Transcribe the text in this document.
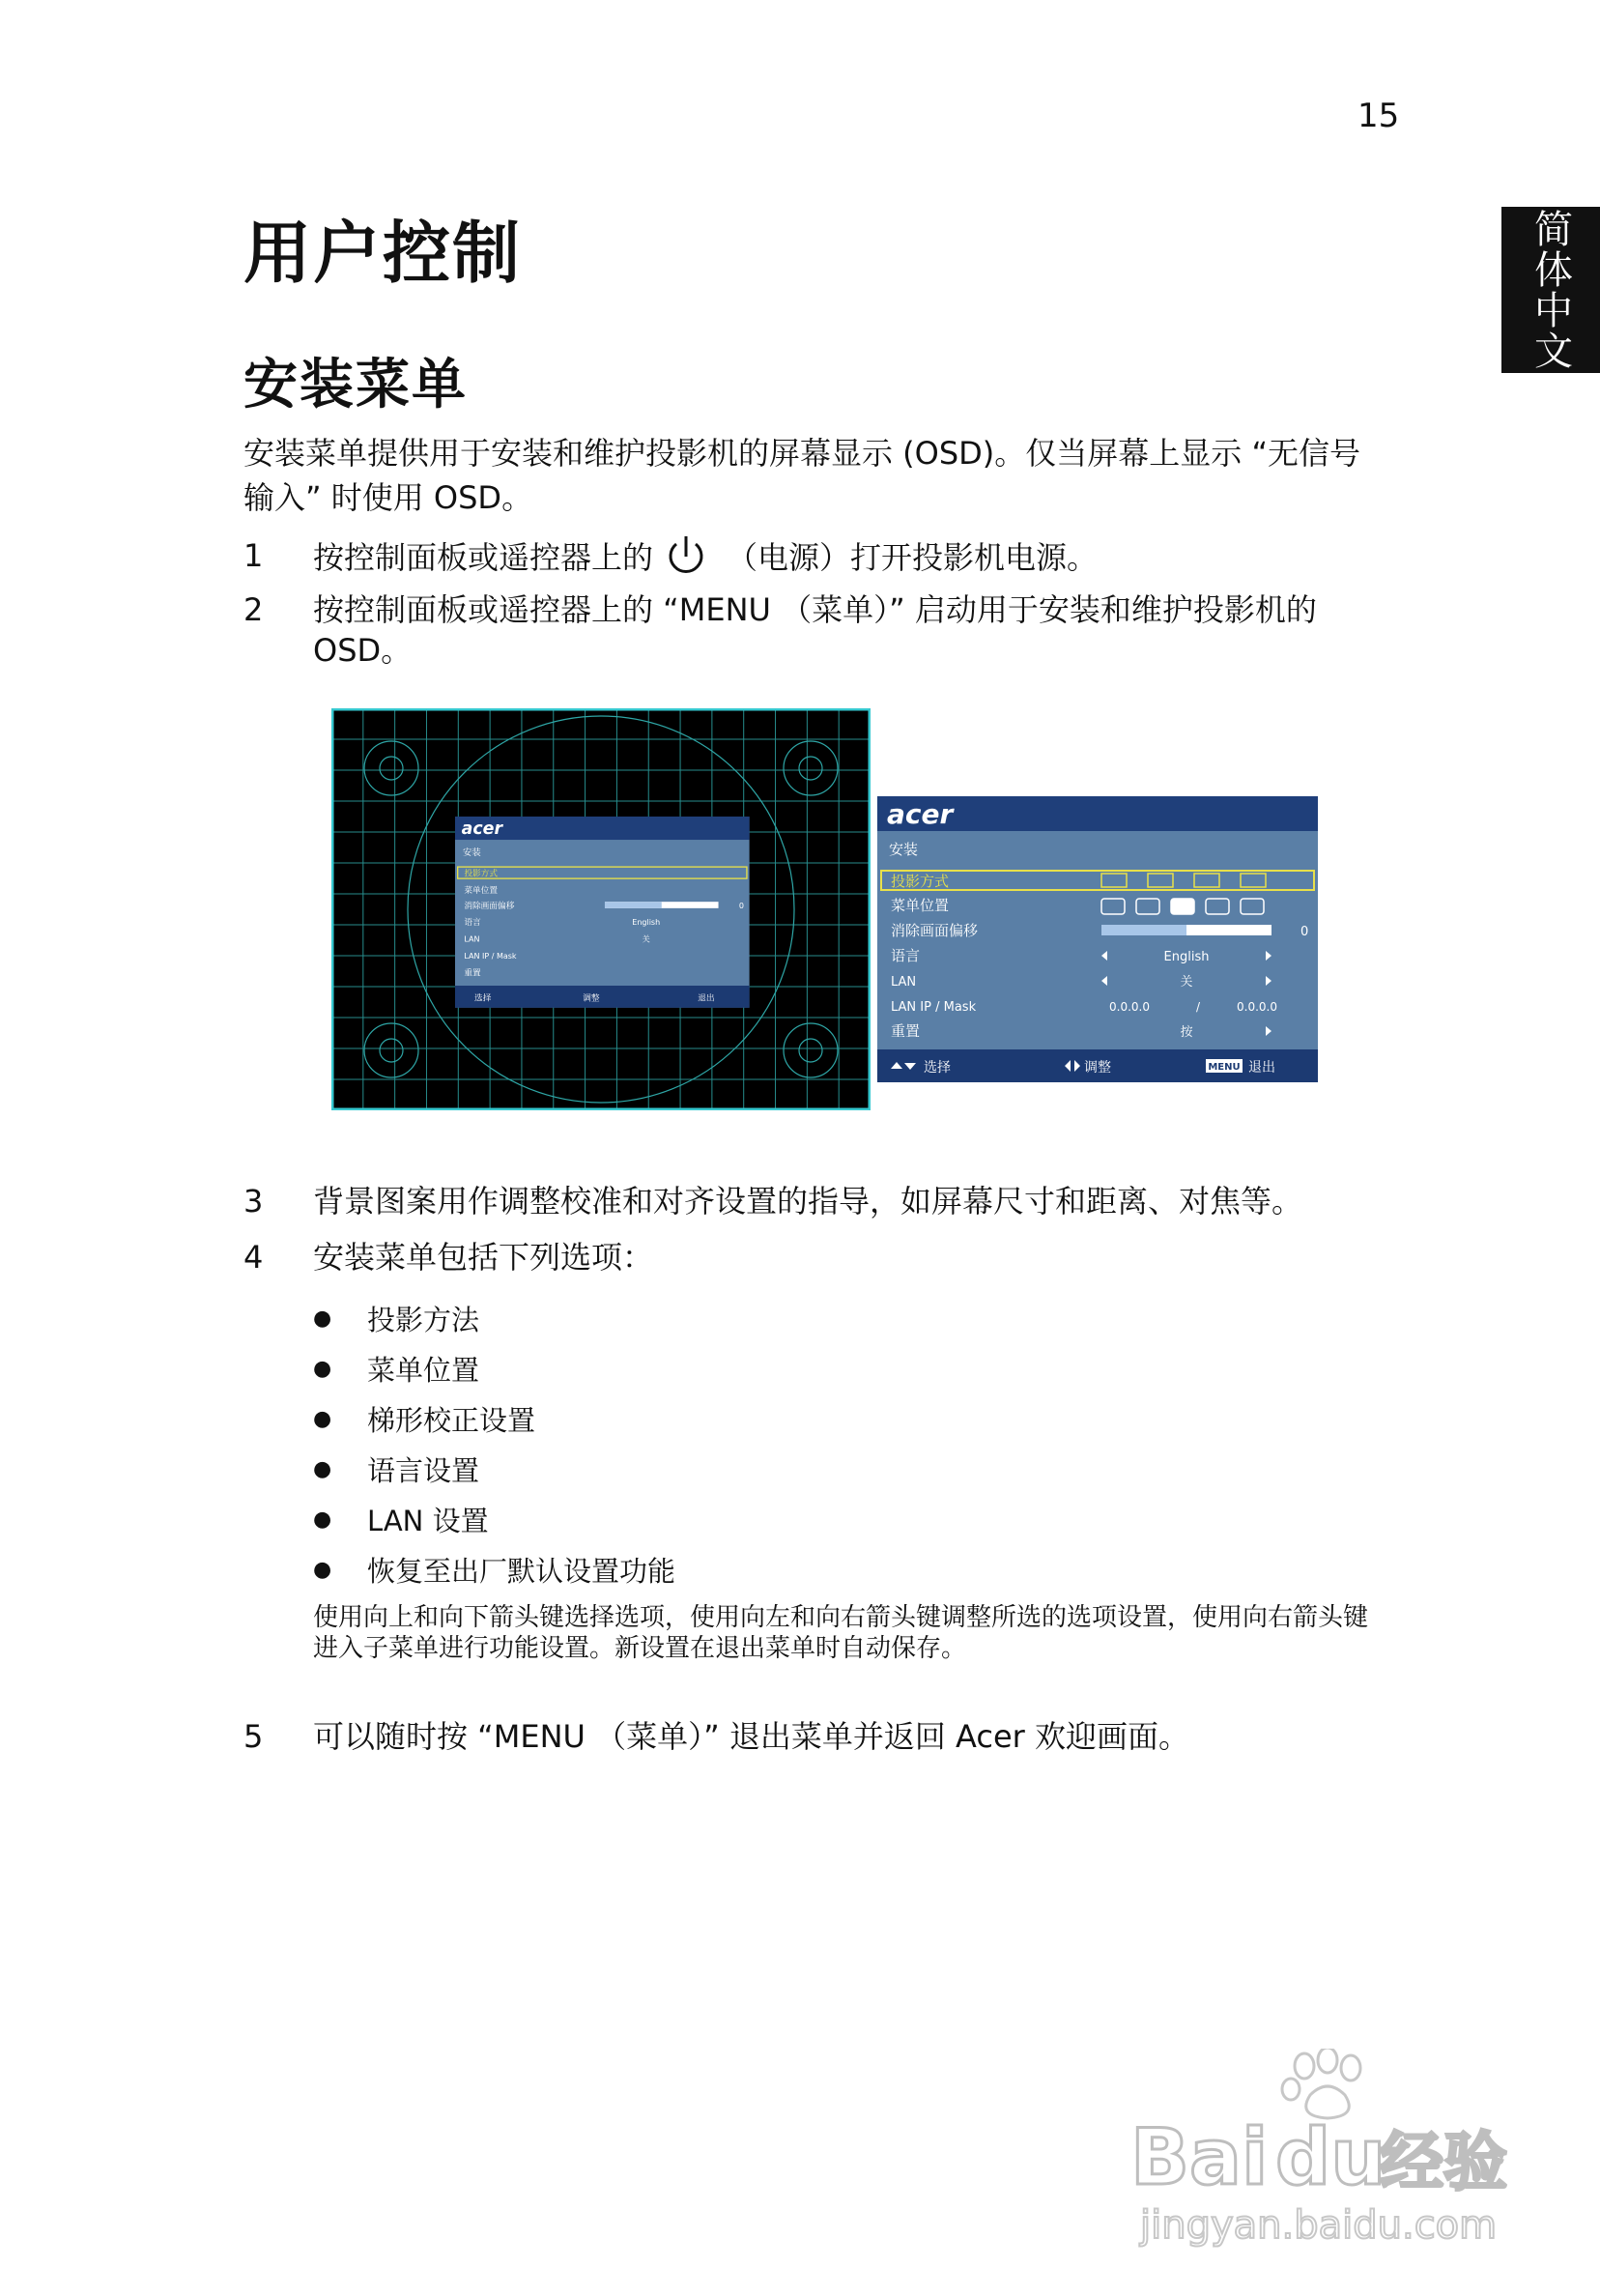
15
简体中文
用户控制
安装菜单
安装菜单提供用于安装和维护投影机的屏幕显示 (OSD)。仅当屏幕上显示 “无信号输入” 时使用 OSD。
1	按控制面板或遥控器上的 （电源）打开投影机电源。
2	按控制面板或遥控器上的 “MENU （菜单）” 启动用于安装和维护投影机的 OSD。
acer
安装
投影方式
菜单位置
消除画面偏移	0
语言	English
LAN	关
LAN IP / Mask
重置
选择	调整	退出
acer
安装
投影方式
菜单位置
消除画面偏移	0
语言	English
LAN	关
LAN IP / Mask	0.0.0.0	/	0.0.0.0
重置	按
选择	调整	MENU 退出
3	背景图案用作调整校准和对齐设置的指导，如屏幕尺寸和距离、对焦等。
4	安装菜单包括下列选项：
●	投影方法
●	菜单位置
●	梯形校正设置
●	语言设置
●	LAN 设置
●	恢复至出厂默认设置功能
使用向上和向下箭头键选择选项，使用向左和向右箭头键调整所选的选项设置，使用向右箭头键进入子菜单进行功能设置。新设置在退出菜单时自动保存。
5	可以随时按 “MENU （菜单）” 退出菜单并返回 Acer 欢迎画面。
Bai du
经验
jingyan.baidu.com
